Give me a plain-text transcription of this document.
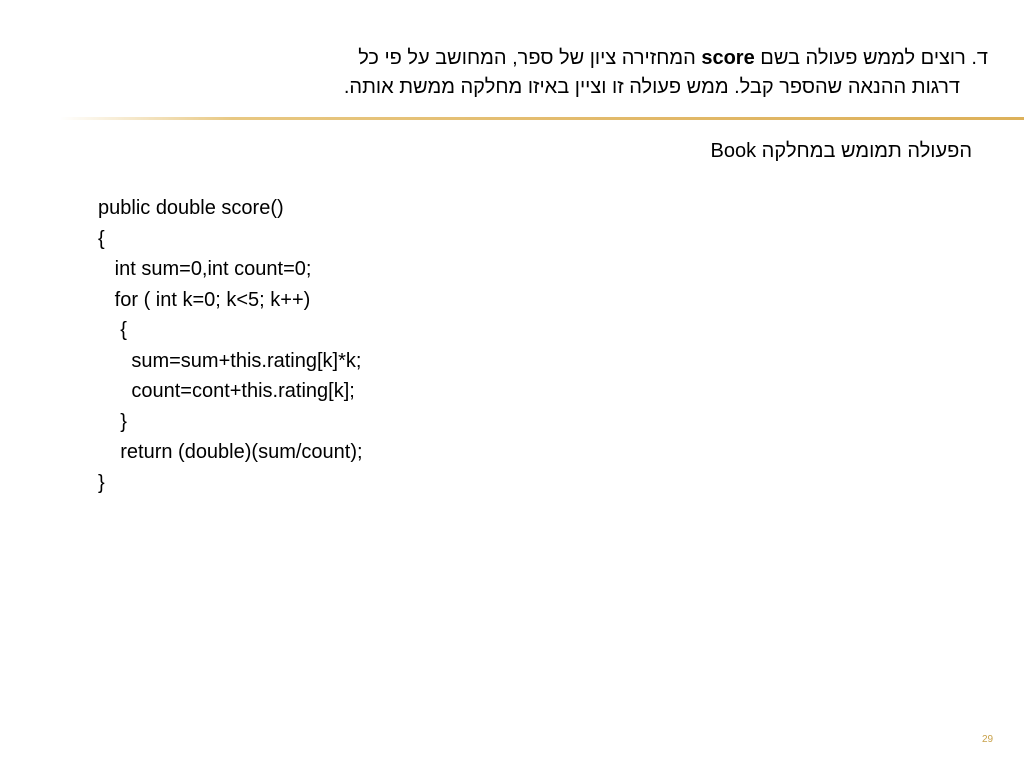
ד. רוצים לממש פעולה בשם score המחזירה ציון של ספר, המחושב על פי כל
דרגות ההנאה שהספר קבל. ממש פעולה זו וציין באיזו מחלקה ממשת אותה.
הפעולה תמומש במחלקה Book
public double score()
{
int sum=0,int count=0;
for ( int k=0; k<5; k++)
{
sum=sum+this.rating[k]*k;
count=cont+this.rating[k];
}
return (double)(sum/count);
}
29
